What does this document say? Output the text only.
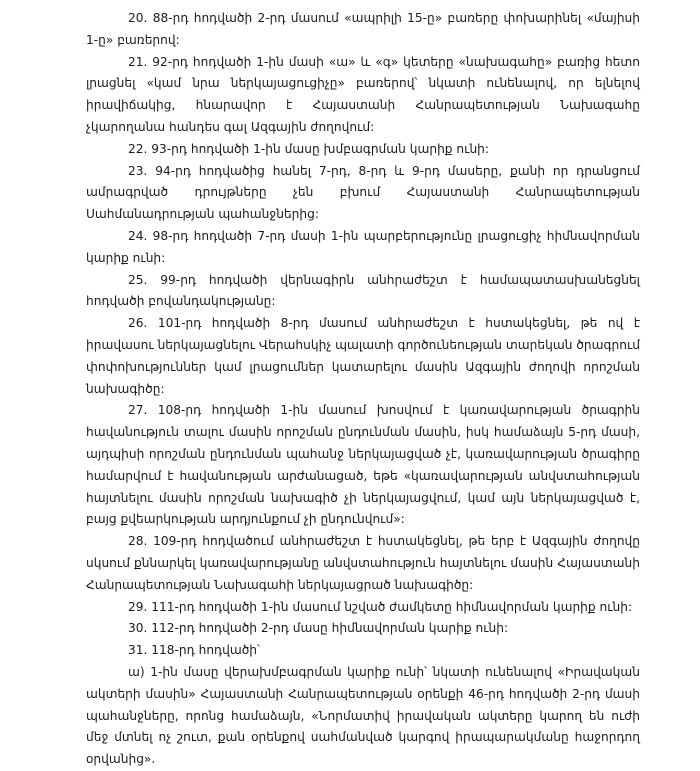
20. 88-րդ հոդվածի 2-րդ մասում «ապրիլի 15-ը» բառերը փոխարինել «մայիսի 1-ը» բառերով:

21. 92-րդ հոդվածի 1-ին մասի «ա» և «գ» կետերը «նախագահը» բառից հետո լրացնել «կամ նրա ներկայացուցիչը» բառերով՝ նկատի ունենալով, որ ելնելով իրավիճակից, հնարավոր է Հայաստանի Հանրապետության Նախագահը չկարողանա հանդես գալ Ազգային ժողովում:

22. 93-րդ հոդվածի 1-ին մասը խմբագրման կարիք ունի:

23. 94-րդ հոդվածից հանել 7-րդ, 8-րդ և 9-րդ մասերը, քանի որ դրանցում ամրագրված դրույթները չեն բխում Հայաստանի Հանրապետության Սահմանադրության պահանջներից:

24. 98-րդ հոդվածի 7-րդ մասի 1-ին պարբերությունը լրացուցիչ հիմնավորման կարիք ունի:

25. 99-րդ հոդվածի վերնագիրն անհրաժեշտ է համապատասխանեցնել հոդվածի բովանդակությանը:

26. 101-րդ հոդվածի 8-րդ մասում անհրաժեշտ է հստակեցնել, թե ով է իրավասու ներկայացնելու Վերահսկիչ պալատի գործունեության տարեկան ծրագրում փոփոխություններ կամ լրացումներ կատարելու մասին Ազգային ժողովի որոշման նախագիծը:

27. 108-րդ հոդվածի 1-ին մասում խոսվում է կառավարության ծրագրին հավանություն տալու մասին որոշման ընդունման մասին, իսկ համաձայն 5-րդ մասի, այդպիսի որոշման ընդունման պահանջ ներկայացված չէ, կառավարության ծրագիրը համարվում է հավանության արժանացած, եթե «կառավարության անվստահության հայտնելու մասին որոշման նախագիծ չի ներկայացվում, կամ այն ներկայացված է, բայց քվեարկության արդյունքում չի ընդունվում»:

28. 109-րդ հոդվածում անհրաժեշտ է հստակեցնել, թե երբ է Ազգային ժողովը սկսում քննարկել կառավարությանը անվստահություն հայտնելու մասին Հայաստանի Հանրապետության Նախագահի ներկայացրած նախագիծը:

29. 111-րդ հոդվածի 1-ին մասում նշված ժամկետը հիմնավորման կարիք ունի:

30. 112-րդ հոդվածի 2-րդ մասը հիմնավորման կարիք ունի:

31. 118-րդ հոդվածի՝

ա) 1-ին մասը վերախմբագրման կարիք ունի՝ նկատի ունենալով «Իրավական ակտերի մասին» Հայաստանի Հանրապետության օրենքի 46-րդ հոդվածի 2-րդ մասի պահանջները, որոնց համաձայն, «Նորմատիվ իրավական ակտերը կարող են ուժի մեջ մտնել ոչ շուտ, քան օրենքով սահմանված կարգով իրապարակմանը հաջորդող օրվանից».
